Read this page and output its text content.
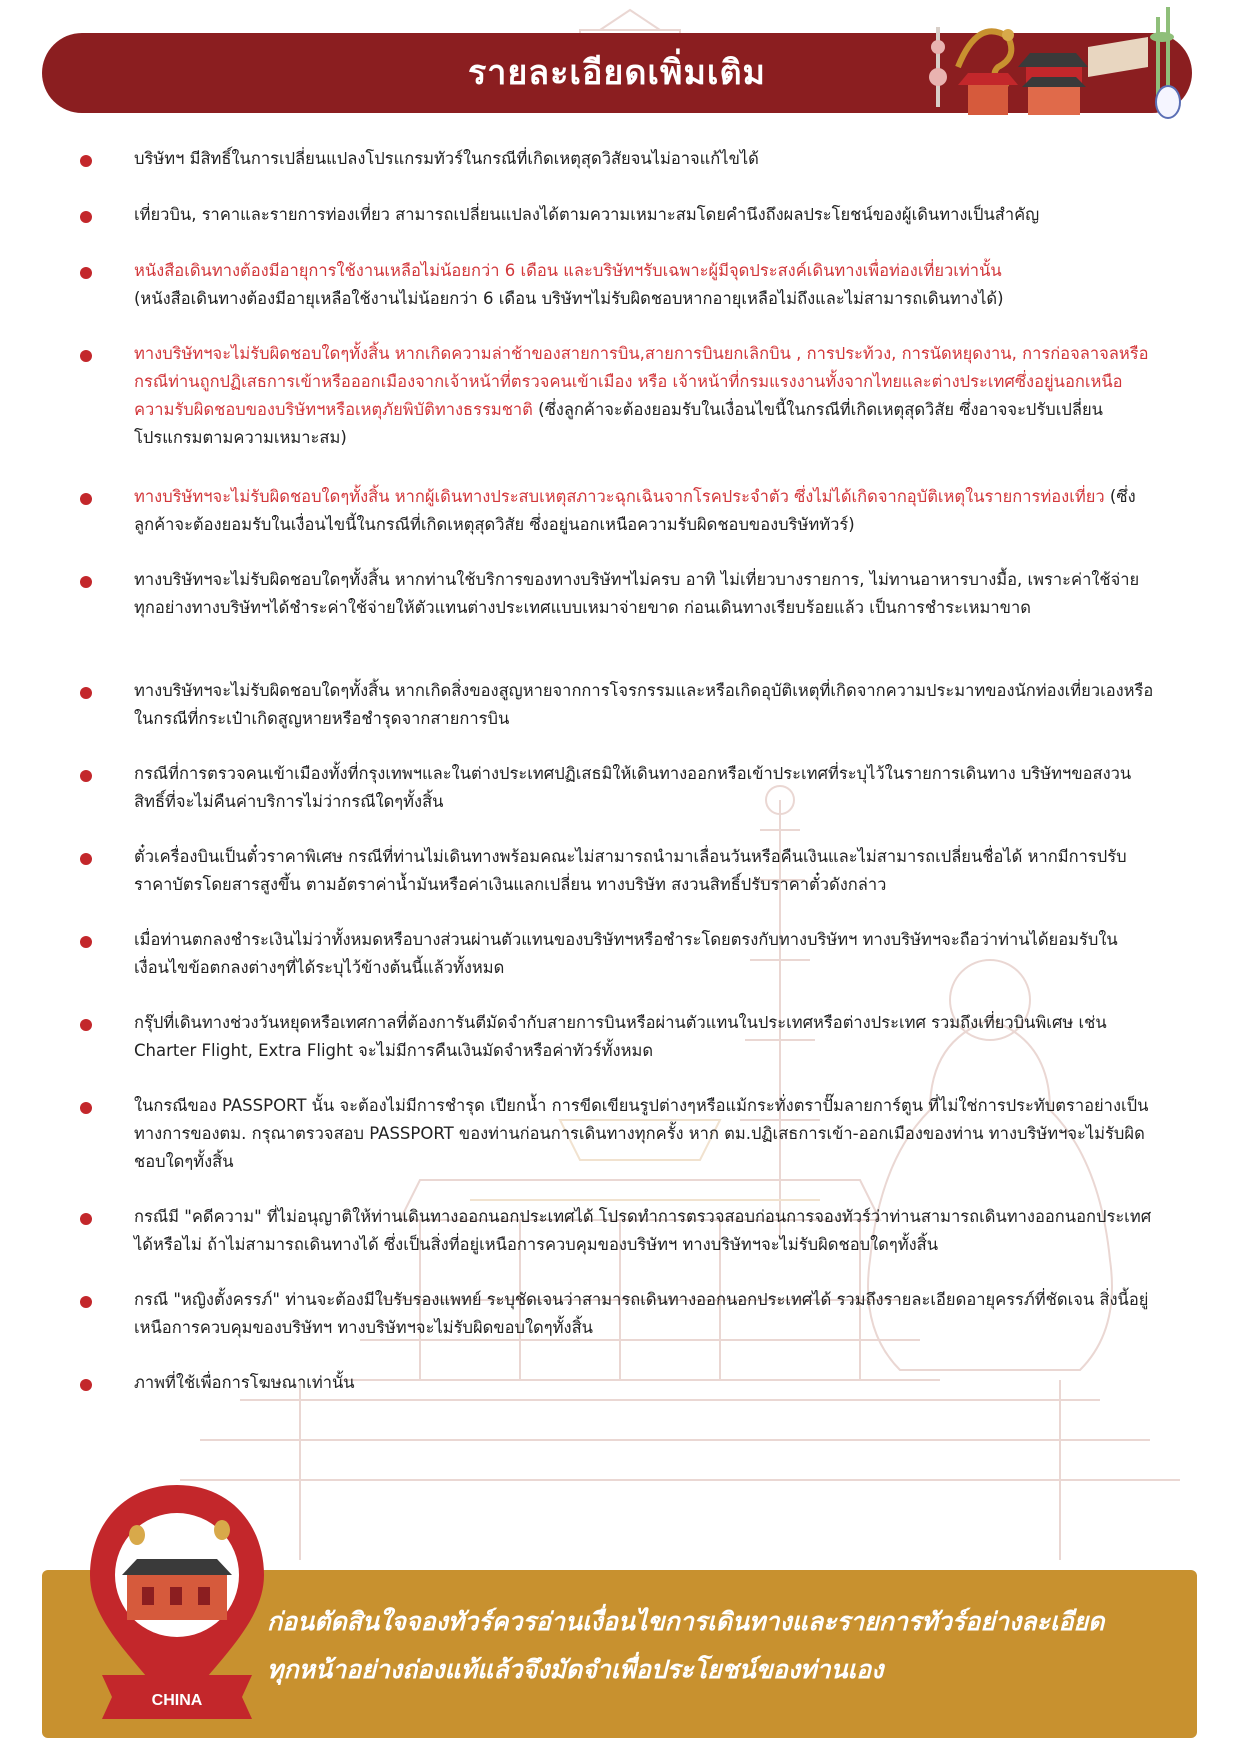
รายละเอียดเพิ่มเติม
บริษัทฯ มีสิทธิ์ในการเปลี่ยนแปลงโปรแกรมทัวร์ในกรณีที่เกิดเหตุสุดวิสัยจนไม่อาจแก้ไขได้
เที่ยวบิน, ราคาและรายการท่องเที่ยว สามารถเปลี่ยนแปลงได้ตามความเหมาะสมโดยคำนึงถึงผลประโยชน์ของผู้เดินทางเป็นสำคัญ
หนังสือเดินทางต้องมีอายุการใช้งานเหลือไม่น้อยกว่า 6 เดือน และบริษัทฯรับเฉพาะผู้มีจุดประสงค์เดินทางเพื่อท่องเที่ยวเท่านั้น
(หนังสือเดินทางต้องมีอายุเหลือใช้งานไม่น้อยกว่า 6 เดือน บริษัทฯไม่รับผิดชอบหากอายุเหลือไม่ถึงและไม่สามารถเดินทางได้)
ทางบริษัทฯจะไม่รับผิดชอบใดๆทั้งสิ้น หากเกิดความล่าช้าของสายการบิน,สายการบินยกเลิกบิน , การประท้วง, การนัดหยุดงาน, การก่อจลาจลหรือกรณีท่านถูกปฏิเสธการเข้าหรือออกเมืองจากเจ้าหน้าที่ตรวจคนเข้าเมือง หรือ เจ้าหน้าที่กรมแรงงานทั้งจากไทยและต่างประเทศซึ่งอยู่นอกเหนือความรับผิดชอบของบริษัทฯหรือเหตุภัยพิบัติทางธรรมชาติ (ซึ่งลูกค้าจะต้องยอมรับในเงื่อนไขนี้ในกรณีที่เกิดเหตุสุดวิสัย ซึ่งอาจจะปรับเปลี่ยนโปรแกรมตามความเหมาะสม)
ทางบริษัทฯจะไม่รับผิดชอบใดๆทั้งสิ้น หากผู้เดินทางประสบเหตุสภาวะฉุกเฉินจากโรคประจำตัว ซึ่งไม่ได้เกิดจากอุบัติเหตุในรายการท่องเที่ยว (ซึ่งลูกค้าจะต้องยอมรับในเงื่อนไขนี้ในกรณีที่เกิดเหตุสุดวิสัย ซึ่งอยู่นอกเหนือความรับผิดชอบของบริษัททัวร์)
ทางบริษัทฯจะไม่รับผิดชอบใดๆทั้งสิ้น หากท่านใช้บริการของทางบริษัทฯไม่ครบ อาทิ ไม่เที่ยวบางรายการ, ไม่ทานอาหารบางมื้อ, เพราะค่าใช้จ่ายทุกอย่างทางบริษัทฯได้ชำระค่าใช้จ่ายให้ตัวแทนต่างประเทศแบบเหมาจ่ายขาด ก่อนเดินทางเรียบร้อยแล้ว เป็นการชำระเหมาขาด
ทางบริษัทฯจะไม่รับผิดชอบใดๆทั้งสิ้น หากเกิดสิ่งของสูญหายจากการโจรกรรมและหรือเกิดอุบัติเหตุที่เกิดจากความประมาทของนักท่องเที่ยวเองหรือในกรณีที่กระเป๋าเกิดสูญหายหรือชำรุดจากสายการบิน
กรณีที่การตรวจคนเข้าเมืองทั้งที่กรุงเทพฯและในต่างประเทศปฏิเสธมิให้เดินทางออกหรือเข้าประเทศที่ระบุไว้ในรายการเดินทาง บริษัทฯขอสงวนสิทธิ์ที่จะไม่คืนค่าบริการไม่ว่ากรณีใดๆทั้งสิ้น
ตั๋วเครื่องบินเป็นตั๋วราคาพิเศษ กรณีที่ท่านไม่เดินทางพร้อมคณะไม่สามารถนำมาเลื่อนวันหรือคืนเงินและไม่สามารถเปลี่ยนชื่อได้ หากมีการปรับราคาบัตรโดยสารสูงขึ้น ตามอัตราค่าน้ำมันหรือค่าเงินแลกเปลี่ยน ทางบริษัท สงวนสิทธิ์ปรับราคาตั๋วดังกล่าว
เมื่อท่านตกลงชำระเงินไม่ว่าทั้งหมดหรือบางส่วนผ่านตัวแทนของบริษัทฯหรือชำระโดยตรงกับทางบริษัทฯ ทางบริษัทฯจะถือว่าท่านได้ยอมรับในเงื่อนไขข้อตกลงต่างๆที่ได้ระบุไว้ข้างต้นนี้แล้วทั้งหมด
กรุ๊ปที่เดินทางช่วงวันหยุดหรือเทศกาลที่ต้องการันตีมัดจำกับสายการบินหรือผ่านตัวแทนในประเทศหรือต่างประเทศ รวมถึงเที่ยวบินพิเศษ เช่น Charter Flight, Extra Flight จะไม่มีการคืนเงินมัดจำหรือค่าทัวร์ทั้งหมด
ในกรณีของ PASSPORT นั้น จะต้องไม่มีการชำรุด เปียกน้ำ การขีดเขียนรูปต่างๆหรือแม้กระทั่งตราปั๊มลายการ์ตูน ที่ไม่ใช่การประทับตราอย่างเป็นทางการของตม. กรุณาตรวจสอบ PASSPORT ของท่านก่อนการเดินทางทุกครั้ง หาก ตม.ปฏิเสธการเข้า-ออกเมืองของท่าน ทางบริษัทฯจะไม่รับผิดชอบใดๆทั้งสิ้น
กรณีมี "คดีความ" ที่ไม่อนุญาติให้ท่านเดินทางออกนอกประเทศได้ โปรดทำการตรวจสอบก่อนการจองทัวร์ว่าท่านสามารถเดินทางออกนอกประเทศได้หรือไม่ ถ้าไม่สามารถเดินทางได้ ซึ่งเป็นสิ่งที่อยู่เหนือการควบคุมของบริษัทฯ ทางบริษัทฯจะไม่รับผิดชอบใดๆทั้งสิ้น
กรณี "หญิงตั้งครรภ์" ท่านจะต้องมีใบรับรองแพทย์ ระบุชัดเจนว่าสามารถเดินทางออกนอกประเทศได้ รวมถึงรายละเอียดอายุครรภ์ที่ชัดเจน สิ่งนี้อยู่เหนือการควบคุมของบริษัทฯ ทางบริษัทฯจะไม่รับผิดขอบใดๆทั้งสิ้น
ภาพที่ใช้เพื่อการโฆษณาเท่านั้น
ก่อนตัดสินใจจองทัวร์ควรอ่านเงื่อนไขการเดินทางและรายการทัวร์อย่างละเอียด
ทุกหน้าอย่างถ่องแท้แล้วจึงมัดจำเพื่อประโยชน์ของท่านเอง
CHINA
